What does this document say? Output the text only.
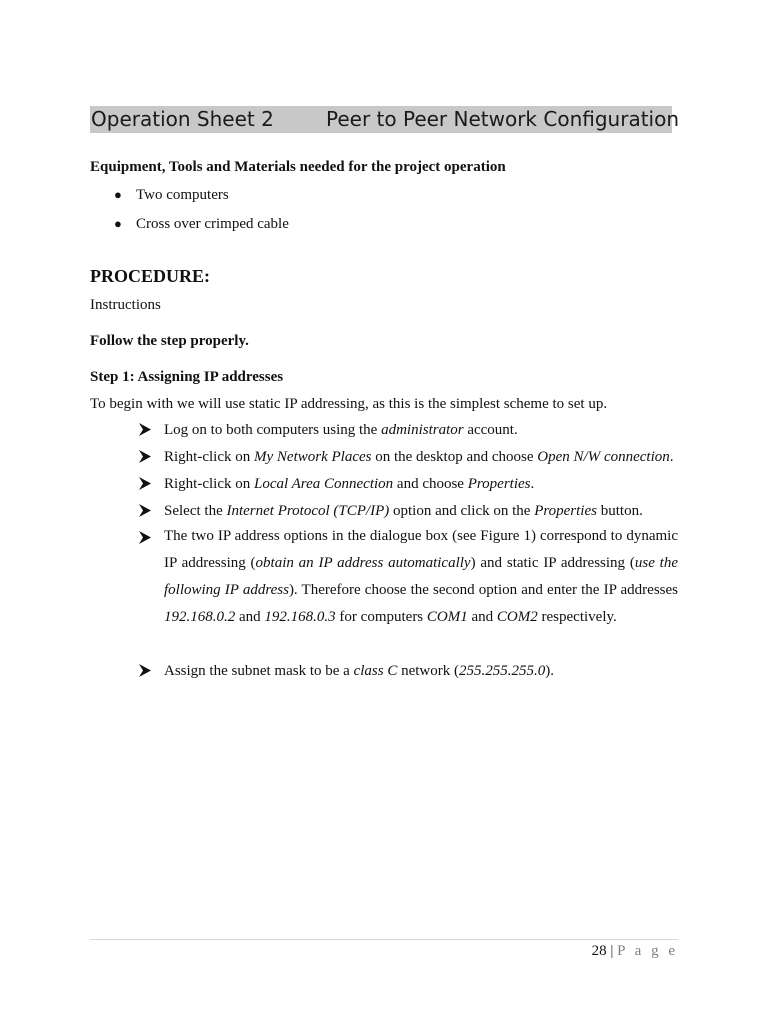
Operation Sheet 2	Peer to Peer Network Configuration
Equipment, Tools and Materials needed for the project operation
● Two computers
● Cross over crimped cable
PROCEDURE:
Instructions
Follow the step properly.
Step 1: Assigning IP addresses
To begin with we will use static IP addressing, as this is the simplest scheme to set up.
Log on to both computers using the administrator account.
Right-click on My Network Places on the desktop and choose Open N/W connection.
Right-click on Local Area Connection and choose Properties.
Select the Internet Protocol (TCP/IP) option and click on the Properties button.
The two IP address options in the dialogue box (see Figure 1) correspond to dynamic IP addressing (obtain an IP address automatically) and static IP addressing (use the following IP address). Therefore choose the second option and enter the IP addresses 192.168.0.2 and 192.168.0.3 for computers COM1 and COM2 respectively.
Assign the subnet mask to be a class C network (255.255.255.0).
28 | P a g e
